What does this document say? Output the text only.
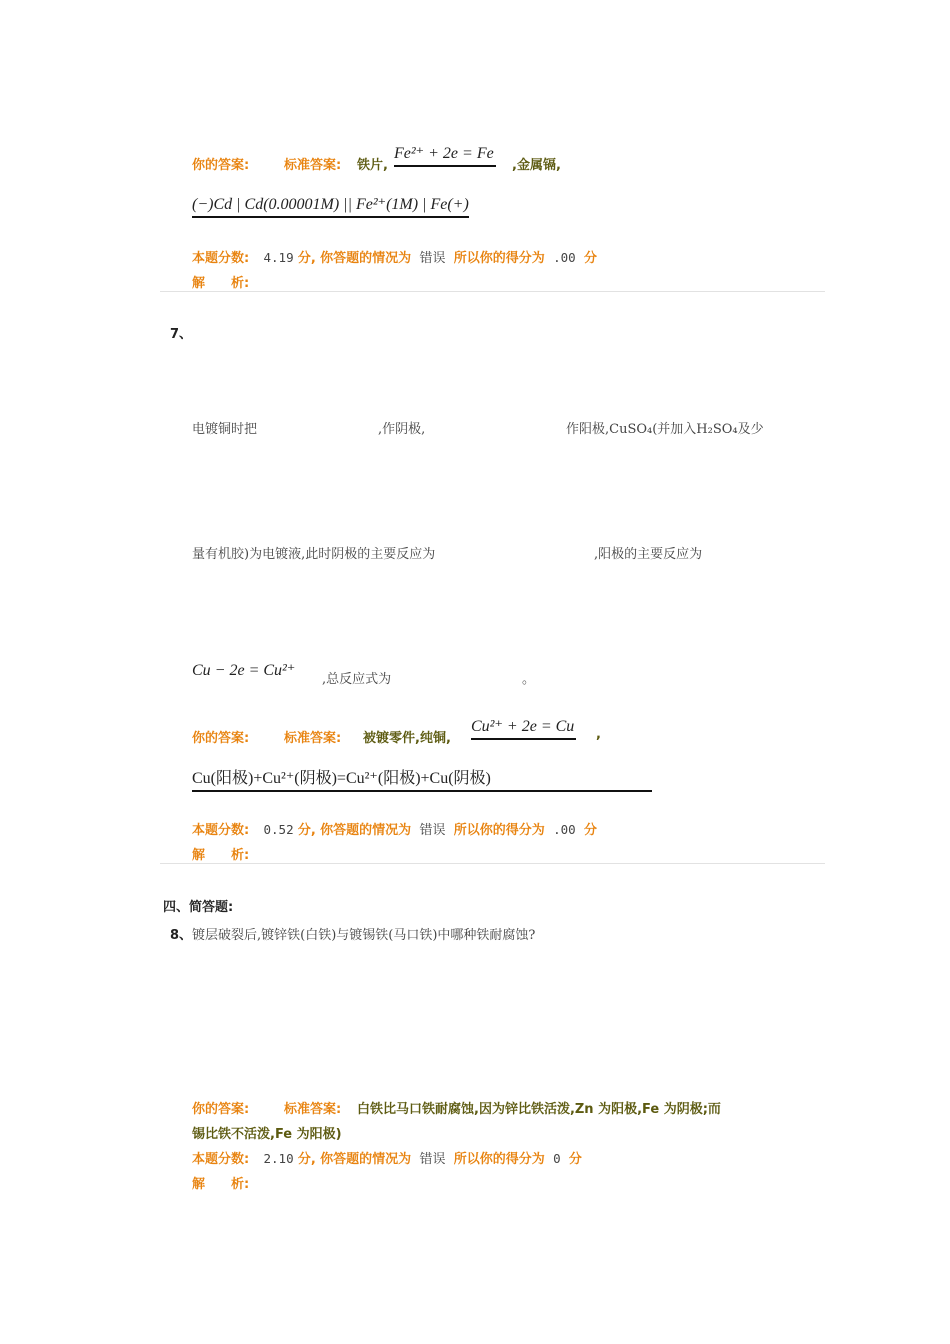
你的答案:	标准答案: 铁片,
Fe²⁺ + 2e = Fe
,金属镉,
(−)Cd | Cd(0.00001M) || Fe²⁺(1M) | Fe(+)
本题分数: 4.19 分, 你答题的情况为 错误 所以你的得分为 .00 分
解　　析:
7、
电镀铜时把	,作阴极,	作阳极,CuSO₄(并加入H₂SO₄及少
量有机胶)为电镀液,此时阴极的主要反应为	,阳极的主要反应为
Cu − 2e = Cu²⁺
,总反应式为	。
你的答案:	标准答案: 被镀零件,纯铜,
Cu²⁺ + 2e = Cu ,
Cu(阳极)+Cu²⁺(阴极)=Cu²⁺(阳极)+Cu(阴极)
本题分数: 0.52 分, 你答题的情况为 错误 所以你的得分为 .00 分
解　　析:
四、简答题:
8、 镀层破裂后,镀锌铁(白铁)与镀锡铁(马口铁)中哪种铁耐腐蚀?
你的答案:	标准答案: 白铁比马口铁耐腐蚀,因为锌比铁活泼,Zn 为阳极,Fe 为阴极;而
锡比铁不活泼,Fe 为阳极)
本题分数: 2.10 分, 你答题的情况为 错误 所以你的得分为 0 分
解　　析:
